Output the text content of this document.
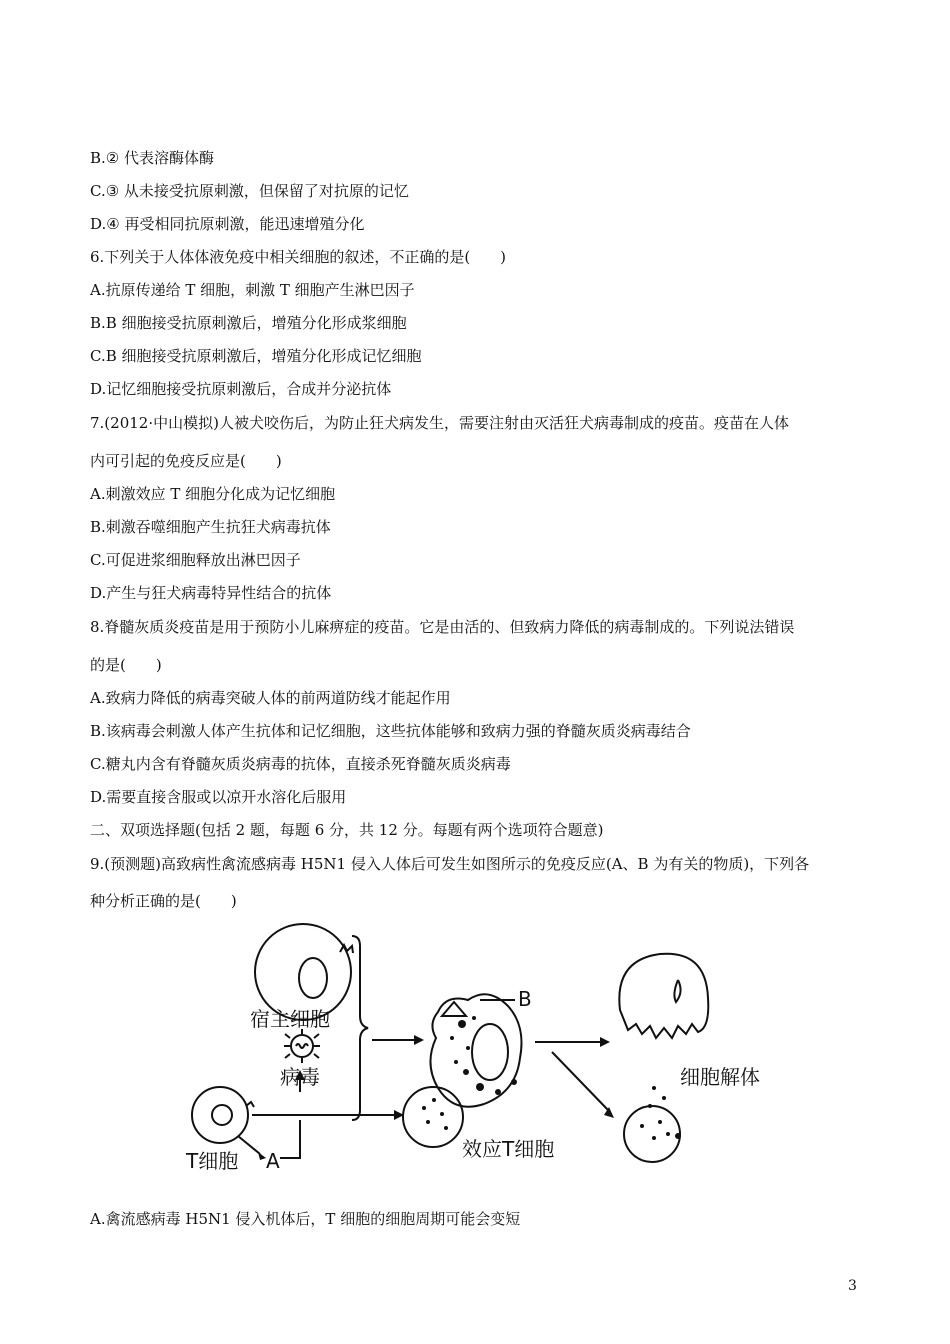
B.② 代表溶酶体酶
C.③ 从未接受抗原刺激，但保留了对抗原的记忆
D.④ 再受相同抗原刺激，能迅速增殖分化
6.下列关于人体体液免疫中相关细胞的叙述，不正确的是(　　)
A.抗原传递给 T 细胞，刺激 T 细胞产生淋巴因子
B.B 细胞接受抗原刺激后，增殖分化形成浆细胞
C.B 细胞接受抗原刺激后，增殖分化形成记忆细胞
D.记忆细胞接受抗原刺激后，合成并分泌抗体
7.(2012·中山模拟)人被犬咬伤后，为防止狂犬病发生，需要注射由灭活狂犬病毒制成的疫苗。疫苗在人体
内可引起的免疫反应是(　　)
A.刺激效应 T 细胞分化成为记忆细胞
B.刺激吞噬细胞产生抗狂犬病毒抗体
C.可促进浆细胞释放出淋巴因子
D.产生与狂犬病毒特异性结合的抗体
8.脊髓灰质炎疫苗是用于预防小儿麻痹症的疫苗。它是由活的、但致病力降低的病毒制成的。下列说法错误
的是(　　)
A.致病力降低的病毒突破人体的前两道防线才能起作用
B.该病毒会刺激人体产生抗体和记忆细胞，这些抗体能够和致病力强的脊髓灰质炎病毒结合
C.糖丸内含有脊髓灰质炎病毒的抗体，直接杀死脊髓灰质炎病毒
D.需要直接含服或以凉开水溶化后服用
二、双项选择题(包括 2 题，每题 6 分，共 12 分。每题有两个选项符合题意)
9.(预测题)高致病性禽流感病毒 H5N1 侵入人体后可发生如图所示的免疫反应(A、B 为有关的物质)，下列各
种分析正确的是(　　)
宿主细胞
病毒
T细胞 A
B
效应T细胞
细胞解体
A.禽流感病毒 H5N1 侵入机体后，T 细胞的细胞周期可能会变短
3
